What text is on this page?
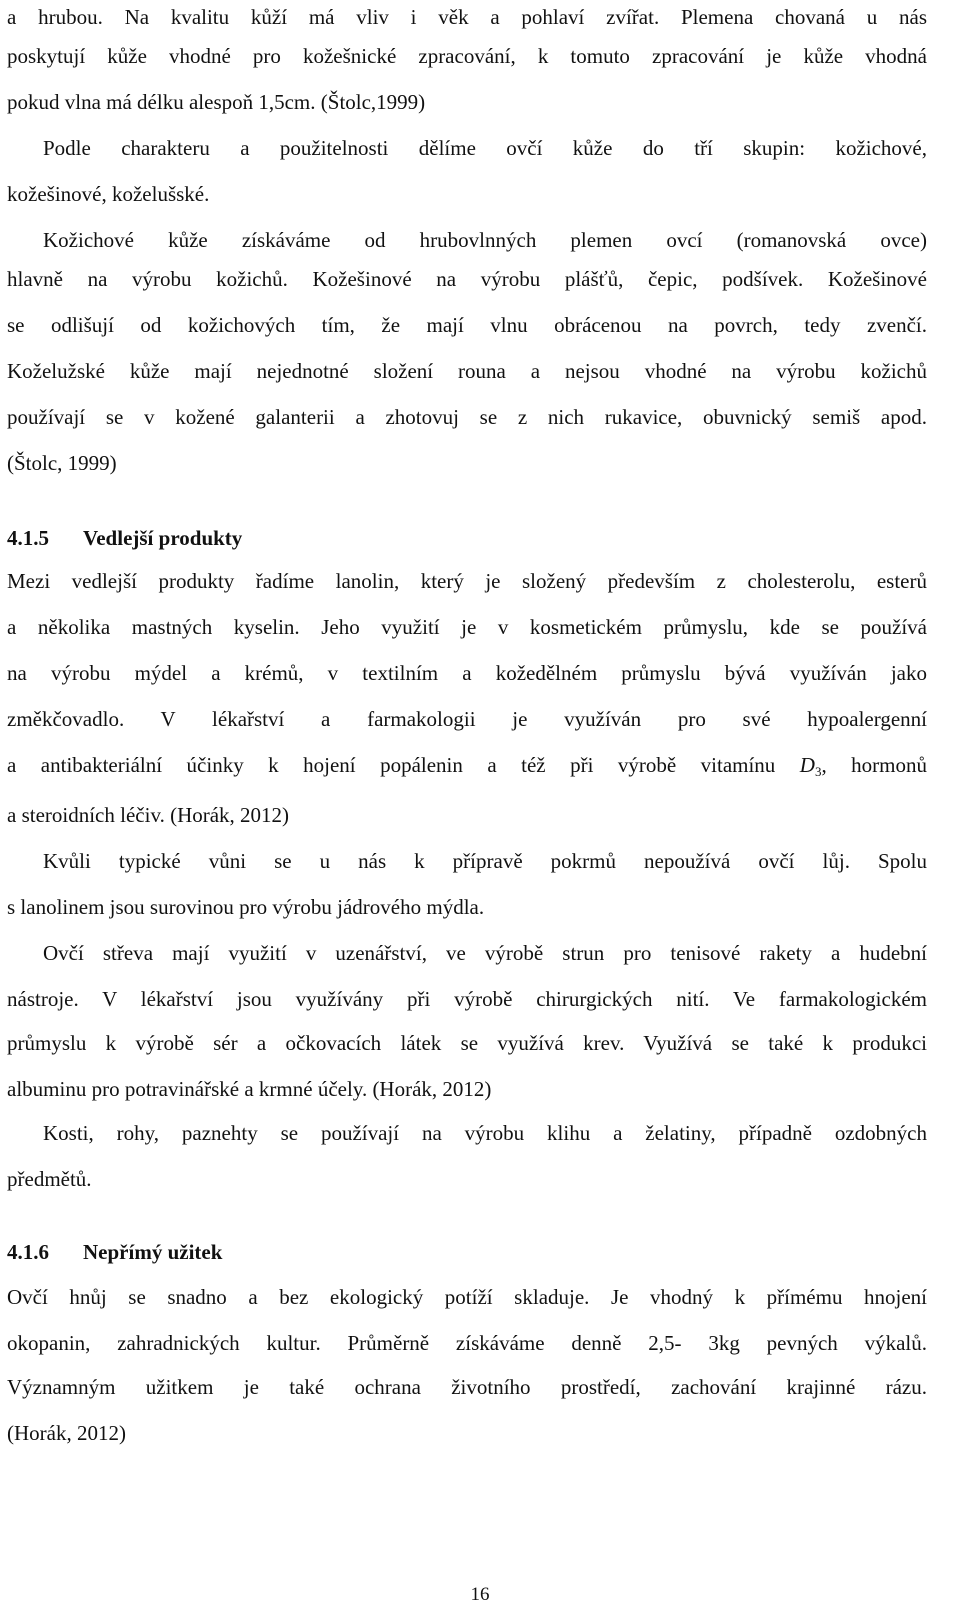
a hrubou. Na kvalitu kůží má vliv i věk a pohlaví zvířat. Plemena chovaná u nás

poskytují kůže vhodné pro kožešnické zpracování, k tomuto zpracování je kůže vhodná

pokud vlna má délku alespoň 1,5cm. (Štolc,1999)

Podle charakteru a použitelnosti dělíme ovčí kůže do tří skupin: kožichové,

kožešinové, koželušské.

Kožichové kůže získáváme od hrubovlnných plemen ovcí (romanovská ovce)

hlavně na výrobu kožichů. Kožešinové na výrobu plášťů, čepic, podšívek. Kožešinové

se odlišují od kožichových tím, že mají vlnu obrácenou na povrch, tedy zvenčí.

Koželužské kůže mají nejednotné složení rouna a nejsou vhodné na výrobu kožichů

používají se v kožené galanterii a zhotovuj se z nich rukavice, obuvnický semiš apod.

(Štolc, 1999)

4.1.5 Vedlejší produkty

Mezi vedlejší produkty řadíme lanolin, který je složený především z cholesterolu, esterů

a několika mastných kyselin. Jeho využití je v kosmetickém průmyslu, kde se používá

na výrobu mýdel a krémů, v textilním a kožedělném průmyslu bývá využíván jako

změkčovadlo. V lékařství a farmakologii je využíván pro své hypoalergenní

a antibakteriální účinky k hojení popálenin a též při výrobě vitamínu $D_3$, hormonů

a steroidních léčiv. (Horák, 2012)

Kvůli typické vůni se u nás k přípravě pokrmů nepoužívá ovčí lůj. Spolu

s lanolinem jsou surovinou pro výrobu jádrového mýdla.

Ovčí střeva mají využití v uzenářství, ve výrobě strun pro tenisové rakety a hudební

nástroje. V lékařství jsou využívány při výrobě chirurgických nití. Ve farmakologickém

průmyslu k výrobě sér a očkovacích látek se využívá krev. Využívá se také k produkci

albuminu pro potravinářské a krmné účely. (Horák, 2012)

Kosti, rohy, paznehty se používají na výrobu klihu a želatiny, případně ozdobných

předmětů.

4.1.6 Nepřímý užitek

Ovčí hnůj se snadno a bez ekologický potíží skladuje. Je vhodný k přímému hnojení

okopanin, zahradnických kultur. Průměrně získáváme denně 2,5- 3kg pevných výkalů.

Významným užitkem je také ochrana životního prostředí, zachování krajinné rázu.

(Horák, 2012)

16
